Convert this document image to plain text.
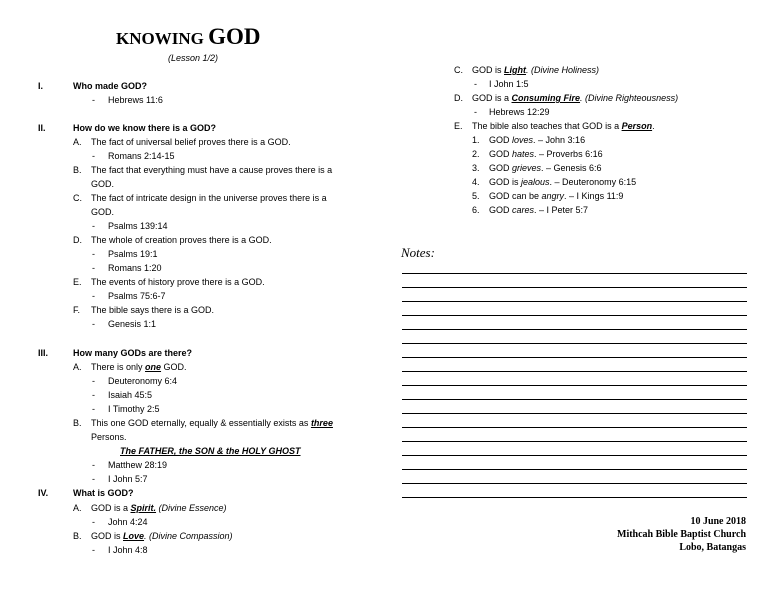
KNOWING GOD
(Lesson 1/2)
I.	Who made GOD?
- Hebrews 11:6
II.	How do we know there is a GOD?
A. The fact of universal belief proves there is a GOD.
- Romans 2:14-15
B. The fact that everything must have a cause proves there is a
GOD.
C. The fact of intricate design in the universe proves there is a
GOD.
- Psalms 139:14
D. The whole of creation proves there is a GOD.
- Psalms 19:1
- Romans 1:20
E. The events of history prove there is a GOD.
- Psalms 75:6-7
F. The bible says there is a GOD.
- Genesis 1:1
III.	How many GODs are there?
A. There is only one GOD.
- Deuteronomy 6:4
- Isaiah 45:5
- I Timothy 2:5
B. This one GOD eternally, equally & essentially exists as three
Persons.
The FATHER, the SON & the HOLY GHOST
- Matthew 28:19
- I John 5:7
IV.	What is GOD?
A. GOD is a Spirit. (Divine Essence)
- John 4:24
B. GOD is Love. (Divine Compassion)
- I John 4:8
C. GOD is Light. (Divine Holiness)
- I John 1:5
D. GOD is a Consuming Fire. (Divine Righteousness)
- Hebrews 12:29
E. The bible also teaches that GOD is a Person.
1. GOD loves. – John 3:16
2. GOD hates. – Proverbs 6:16
3. GOD grieves. – Genesis 6:6
4. GOD is jealous. – Deuteronomy 6:15
5. GOD can be angry. – I Kings 11:9
6. GOD cares. – I Peter 5:7
Notes:
10 June 2018
Mithcah Bible Baptist Church
Lobo, Batangas
